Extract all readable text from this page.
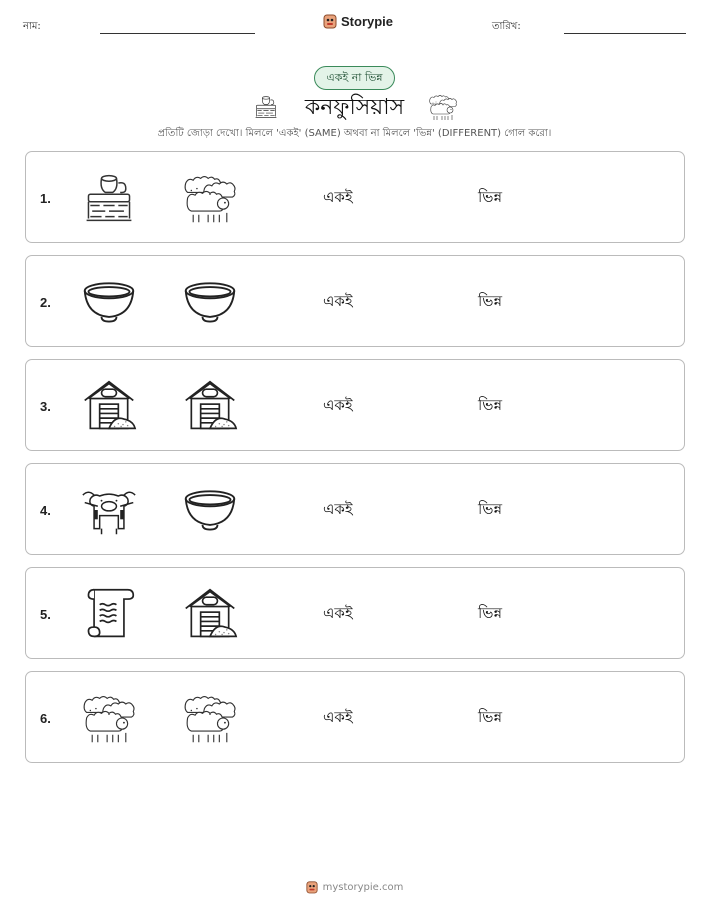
নাম:	Storypie	তারিখ:
একই না ভিন্ন
কনফুসিয়াস
প্রতিটি জোড়া দেখো। মিললে 'একই' (SAME) অথবা না মিললে 'ভিন্ন' (DIFFERENT) গোল করো।
1.	একই	ভিন্ন
2.	একই	ভিন্ন
3.	একই	ভিন্ন
4.	একই	ভিন্ন
5.	একই	ভিন্ন
6.	একই	ভিন্ন
mystorypie.com
